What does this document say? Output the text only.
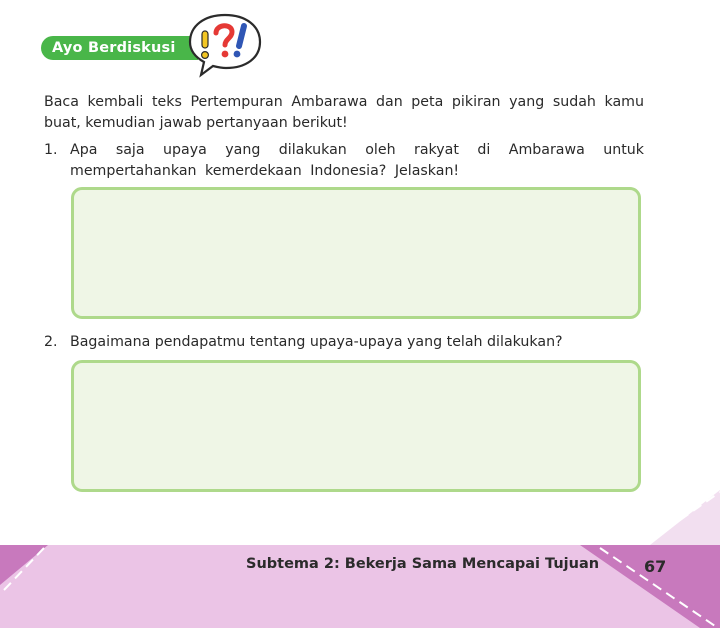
Ayo Berdiskusi
Baca kembali teks Pertempuran Ambarawa dan peta pikiran yang sudah kamu buat, kemudian jawab pertanyaan berikut!
1. Apa saja upaya yang dilakukan oleh rakyat di Ambarawa untuk mempertahankan kemerdekaan Indonesia? Jelaskan!
2. Bagaimana pendapatmu tentang upaya-upaya yang telah dilakukan?
Subtema 2: Bekerja Sama Mencapai Tujuan	67
